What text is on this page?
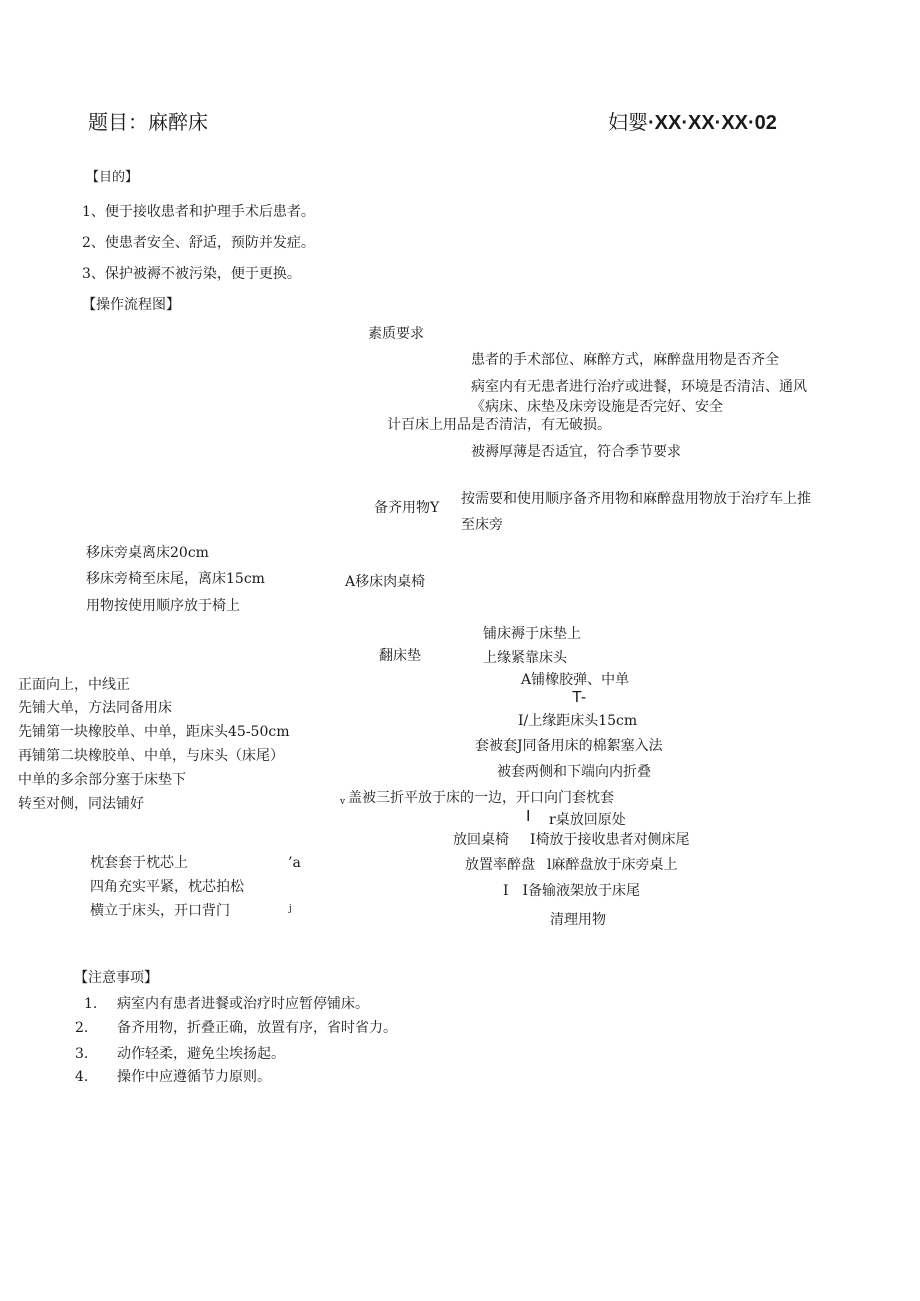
题目：麻醉床	妇婴·XX·XX·XX·02
【目的】
1、便于接收患者和护理手术后患者。
2、使患者安全、舒适，预防并发症。
3、保护被褥不被污染，便于更换。
【操作流程图】
素质要求
患者的手术部位、麻醉方式，麻醉盘用物是否齐全
病室内有无患者进行治疗或进餐，环境是否清洁、通风
《病床、床垫及床旁设施是否完好、安全
计百床上用品是否清洁，有无破损。
被褥厚薄是否适宜，符合季节要求
备齐用物Y
按需要和使用顺序备齐用物和麻醉盘用物放于治疗车上推
至床旁
移床旁桌离床20cm
移床旁椅至床尾，离床15cm
用物按使用顺序放于椅上
A移床肉桌椅
铺床褥于床垫上
翻床垫	上缘紧靠床头
A铺橡胶弹、中单
T-
I/上缘距床头15cm
正面向上，中线正
先铺大单，方法同备用床
先铺第一块橡胶单、中单，距床头45-50cm
再铺第二块橡胶单、中单，与床头（床尾）
中单的多余部分塞于床垫下
转至对侧，同法铺好
套被套J同备用床的棉絮塞入法
被套两侧和下端向内折叠
v 盖被三折平放于床的一边，开口向门套枕套
I r桌放回原处
放回桌椅 I椅放于接收患者对侧床尾
枕套套于枕芯上	’a
四角充实平紧，枕芯拍松
横立于床头，开口背门	j
放置率醉盘 l麻醉盘放于床旁桌上
I　I备输液架放于床尾
清理用物
【注意事项】
1. 病室内有患者进餐或治疗时应暂停铺床。
2. 备齐用物，折叠正确，放置有序，省时省力。
3. 动作轻柔，避免尘埃扬起。
4. 操作中应遵循节力原则。
